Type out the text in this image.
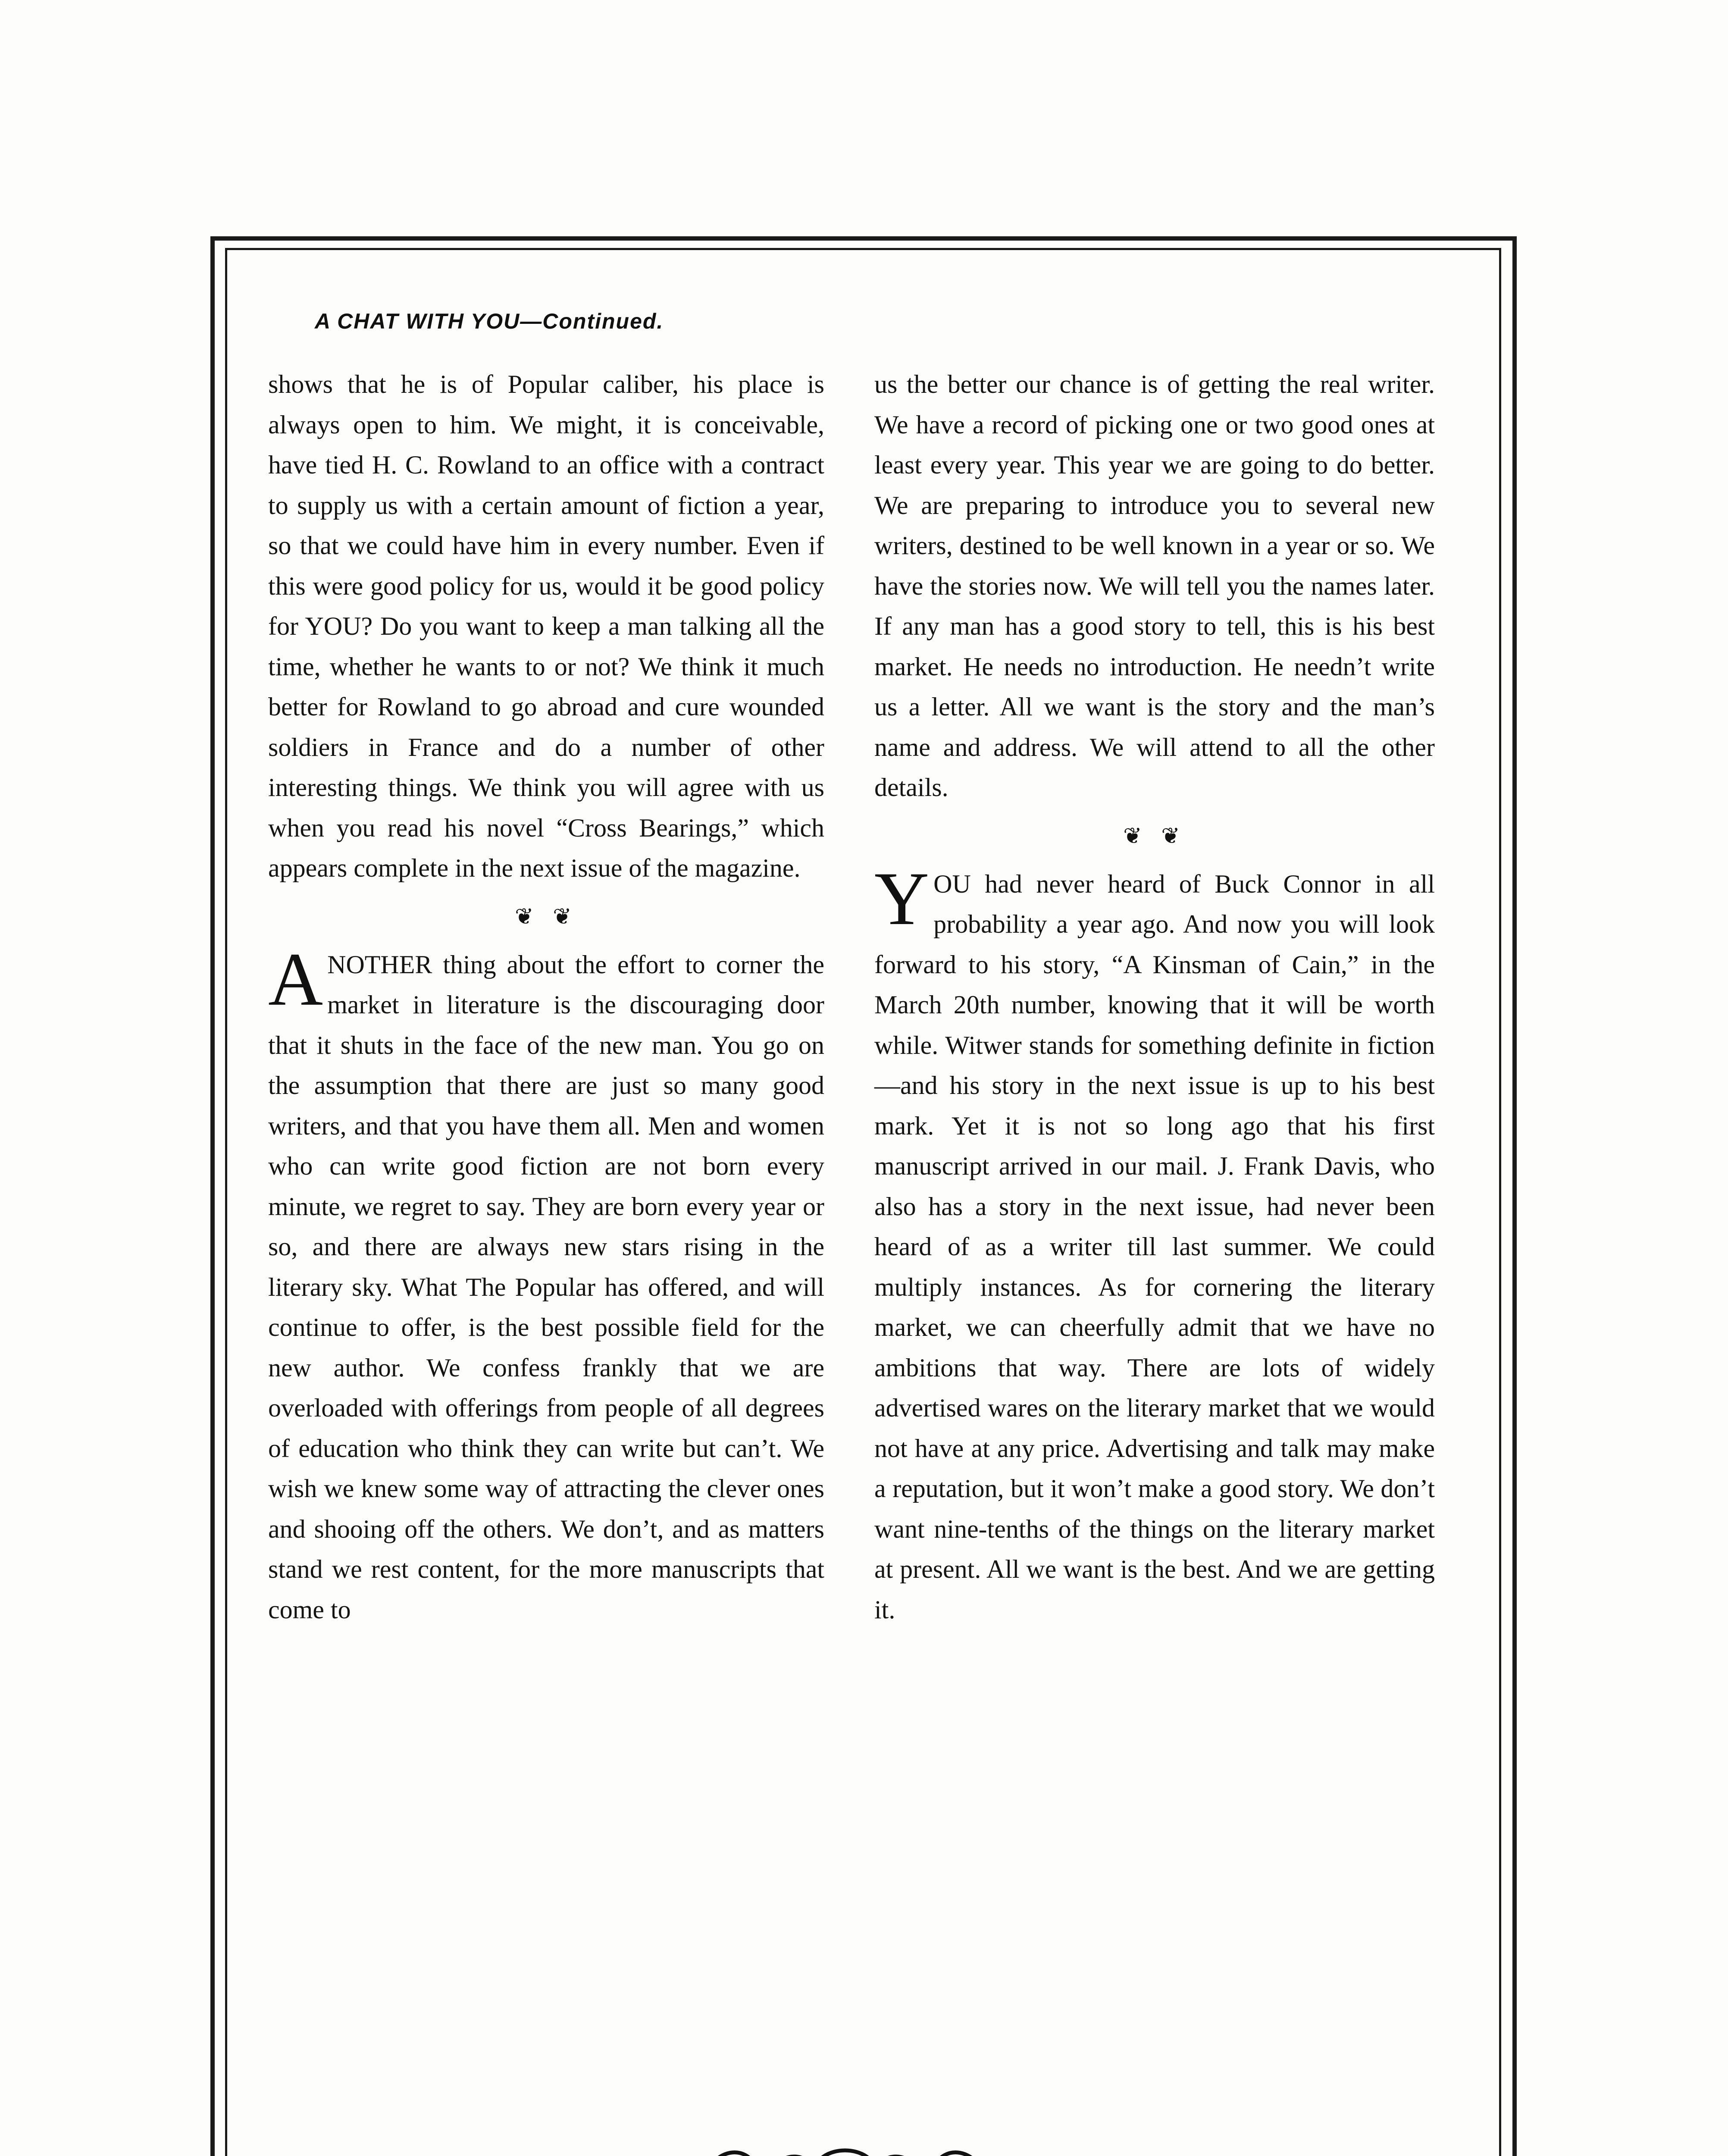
A CHAT WITH YOU—Continued.

shows that he is of Popular caliber, his place is always open to him. We might, it is conceivable, have tied H. C. Rowland to an office with a contract to supply us with a certain amount of fiction a year, so that we could have him in every number. Even if this were good policy for us, would it be good policy for YOU? Do you want to keep a man talking all the time, whether he wants to or not? We think it much better for Rowland to go abroad and cure wounded soldiers in France and do a number of other interesting things. We think you will agree with us when you read his novel “Cross Bearings,” which appears complete in the next issue of the magazine.

❦ ❦

ANOTHER thing about the effort to corner the market in literature is the discouraging door that it shuts in the face of the new man. You go on the assumption that there are just so many good writers, and that you have them all. Men and women who can write good fiction are not born every minute, we regret to say. They are born every year or so, and there are always new stars rising in the literary sky. What The Popular has offered, and will continue to offer, is the best possible field for the new author. We confess frankly that we are overloaded with offerings from people of all degrees of education who think they can write but can’t. We wish we knew some way of attracting the clever ones and shooing off the others. We don’t, and as matters stand we rest content, for the more manuscripts that come to

us the better our chance is of getting the real writer. We have a record of picking one or two good ones at least every year. This year we are going to do better. We are preparing to introduce you to several new writers, destined to be well known in a year or so. We have the stories now. We will tell you the names later. If any man has a good story to tell, this is his best market. He needs no introduction. He needn’t write us a letter. All we want is the story and the man’s name and address. We will attend to all the other details.

❦ ❦

YOU had never heard of Buck Connor in all probability a year ago. And now you will look forward to his story, “A Kinsman of Cain,” in the March 20th number, knowing that it will be worth while. Witwer stands for something definite in fiction—and his story in the next issue is up to his best mark. Yet it is not so long ago that his first manuscript arrived in our mail. J. Frank Davis, who also has a story in the next issue, had never been heard of as a writer till last summer. We could multiply instances. As for cornering the literary market, we can cheerfully admit that we have no ambitions that way. There are lots of widely advertised wares on the literary market that we would not have at any price. Advertising and talk may make a reputation, but it won’t make a good story. We don’t want nine-tenths of the things on the literary market at present. All we want is the best. And we are getting it.
